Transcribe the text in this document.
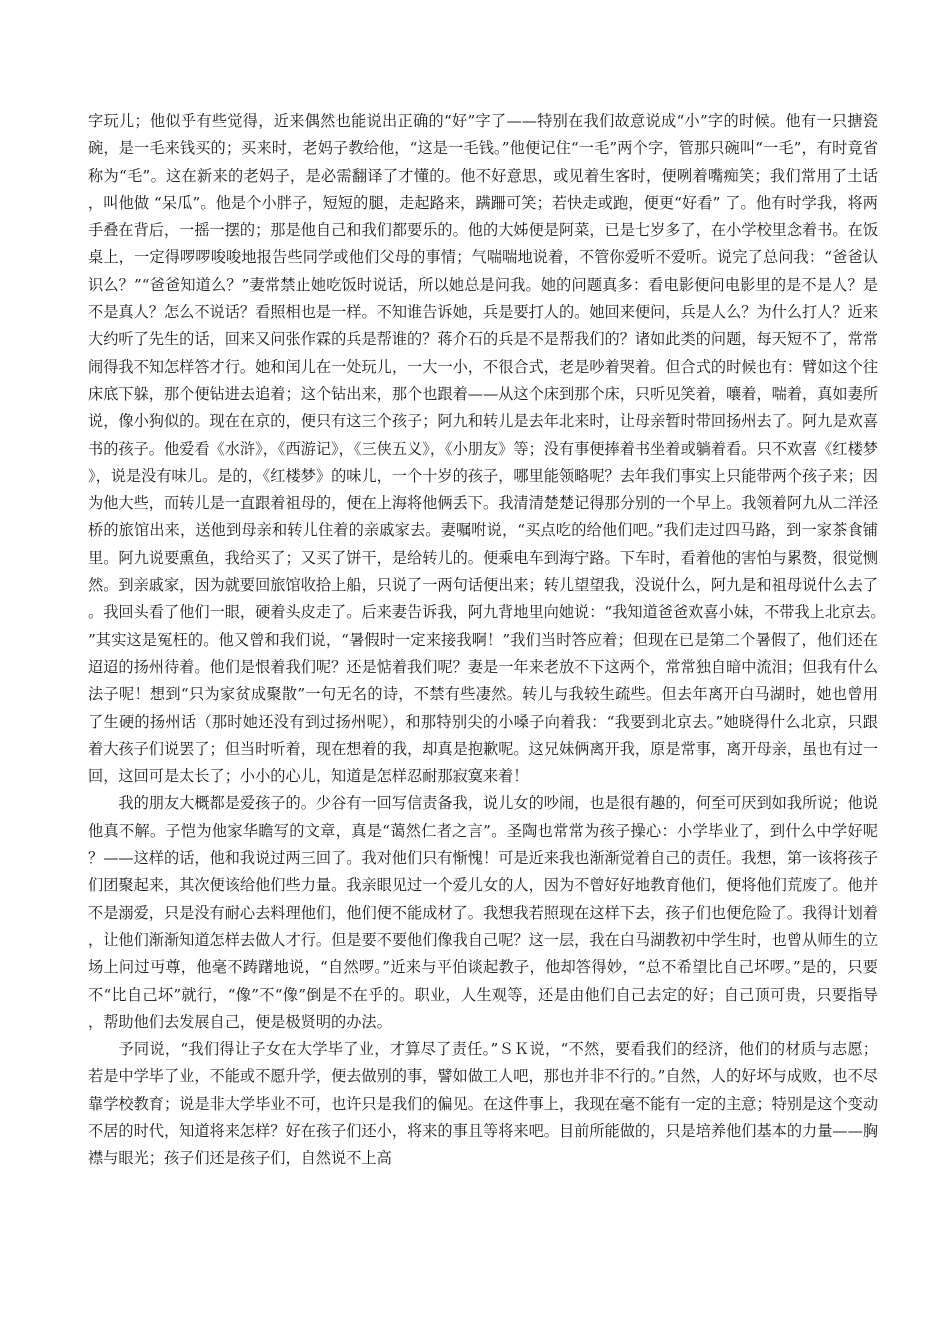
字玩儿；他似乎有些觉得，近来偶然也能说出正确的“好”字了——特别在我们故意说成“小”字的时候。他有一只搪瓷碗，是一毛来钱买的；买来时，老妈子教给他，“这是一毛钱。”他便记住“一毛”两个字，管那只碗叫“一毛”，有时竟省称为“毛”。这在新来的老妈子，是必需翻译了才懂的。他不好意思，或见着生客时，便咧着嘴痴笑；我们常用了土话，叫他做 “呆瓜”。他是个小胖子，短短的腿，走起路来，蹒跚可笑；若快走或跑，便更“好看” 了。他有时学我，将两手叠在背后，一摇一摆的；那是他自己和我们都要乐的。他的大姊便是阿菜，已是七岁多了，在小学校里念着书。在饭桌上，一定得啰啰唆唆地报告些同学或他们父母的事情；气喘喘地说着，不管你爱听不爱听。说完了总问我：“爸爸认识么？”“爸爸知道么？”妻常禁止她吃饭时说话，所以她总是问我。她的问题真多：看电影便问电影里的是不是人？是不是真人？怎么不说话？看照相也是一样。不知谁告诉她，兵是要打人的。她回来便问，兵是人么？为什么打人？近来大约听了先生的话，回来又问张作霖的兵是帮谁的？蒋介石的兵是不是帮我们的？诸如此类的问题，每天短不了，常常闹得我不知怎样答才行。她和闰儿在一处玩儿，一大一小，不很合式，老是吵着哭着。但合式的时候也有：臂如这个往床底下躲，那个便钻进去追着；这个钻出来，那个也跟着——从这个床到那个床，只听见笑着，嚷着，喘着，真如妻所说，像小狗似的。现在在京的，便只有这三个孩子；阿九和转儿是去年北来时，让母亲暂时带回扬州去了。阿九是欢喜书的孩子。他爱看《水浒》，《西游记》，《三侠五义》，《小朋友》等；没有事便捧着书坐着或躺着看。只不欢喜《红楼梦》，说是没有味儿。是的，《红楼梦》的味儿，一个十岁的孩子，哪里能领略呢？去年我们事实上只能带两个孩子来；因为他大些，而转儿是一直跟着祖母的，便在上海将他俩丢下。我清清楚楚记得那分别的一个早上。我领着阿九从二洋泾桥的旅馆出来，送他到母亲和转儿住着的亲戚家去。妻嘱咐说，“买点吃的给他们吧。”我们走过四马路，到一家茶食铺里。阿九说要熏鱼，我给买了；又买了饼干，是给转儿的。便乘电车到海宁路。下车时，看着他的害怕与累赘，很觉恻然。到亲戚家，因为就要回旅馆收拾上船，只说了一两句话便出来；转儿望望我，没说什么，阿九是和祖母说什么去了。我回头看了他们一眼，硬着头皮走了。后来妻告诉我，阿九背地里向她说：“我知道爸爸欢喜小妹，不带我上北京去。”其实这是冤枉的。他又曾和我们说，“暑假时一定来接我啊！”我们当时答应着；但现在已是第二个暑假了，他们还在迢迢的扬州待着。他们是恨着我们呢？还是惦着我们呢？妻是一年来老放不下这两个，常常独自暗中流泪；但我有什么法子呢！想到“只为家贫成聚散”一句无名的诗，不禁有些凄然。转儿与我较生疏些。但去年离开白马湖时，她也曾用了生硬的扬州话（那时她还没有到过扬州呢），和那特别尖的小嗓子向着我：“我要到北京去。”她晓得什么北京，只跟着大孩子们说罢了；但当时听着，现在想着的我，却真是抱歉呢。这兄妹俩离开我，原是常事，离开母亲，虽也有过一回，这回可是太长了；小小的心儿，知道是怎样忍耐那寂寞来着！

我的朋友大概都是爱孩子的。少谷有一回写信责备我，说儿女的吵闹，也是很有趣的，何至可厌到如我所说；他说他真不解。子恺为他家华瞻写的文章，真是“蔼然仁者之言”。圣陶也常常为孩子操心：小学毕业了，到什么中学好呢？——这样的话，他和我说过两三回了。我对他们只有惭愧！可是近来我也渐渐觉着自己的责任。我想，第一该将孩子们团聚起来，其次便该给他们些力量。我亲眼见过一个爱儿女的人，因为不曾好好地教育他们，便将他们荒废了。他并不是溺爱，只是没有耐心去料理他们，他们便不能成材了。我想我若照现在这样下去，孩子们也便危险了。我得计划着，让他们渐渐知道怎样去做人才行。但是要不要他们像我自己呢？这一层，我在白马湖教初中学生时，也曾从师生的立场上问过丏尊，他毫不踌躇地说，“自然啰。”近来与平伯谈起教子，他却答得妙，“总不希望比自己坏啰。”是的，只要不“比自己坏”就行，“像”不“像”倒是不在乎的。职业，人生观等，还是由他们自己去定的好；自己顶可贵，只要指导，帮助他们去发展自己，便是极贤明的办法。

予同说，“我们得让子女在大学毕了业，才算尽了责任。”ＳＫ说，“不然，要看我们的经济，他们的材质与志愿；若是中学毕了业，不能或不愿升学，便去做别的事，譬如做工人吧，那也并非不行的。”自然，人的好坏与成败，也不尽靠学校教育；说是非大学毕业不可，也许只是我们的偏见。在这件事上，我现在毫不能有一定的主意；特别是这个变动不居的时代，知道将来怎样？好在孩子们还小，将来的事且等将来吧。目前所能做的，只是培养他们基本的力量——胸襟与眼光；孩子们还是孩子们，自然说不上高
